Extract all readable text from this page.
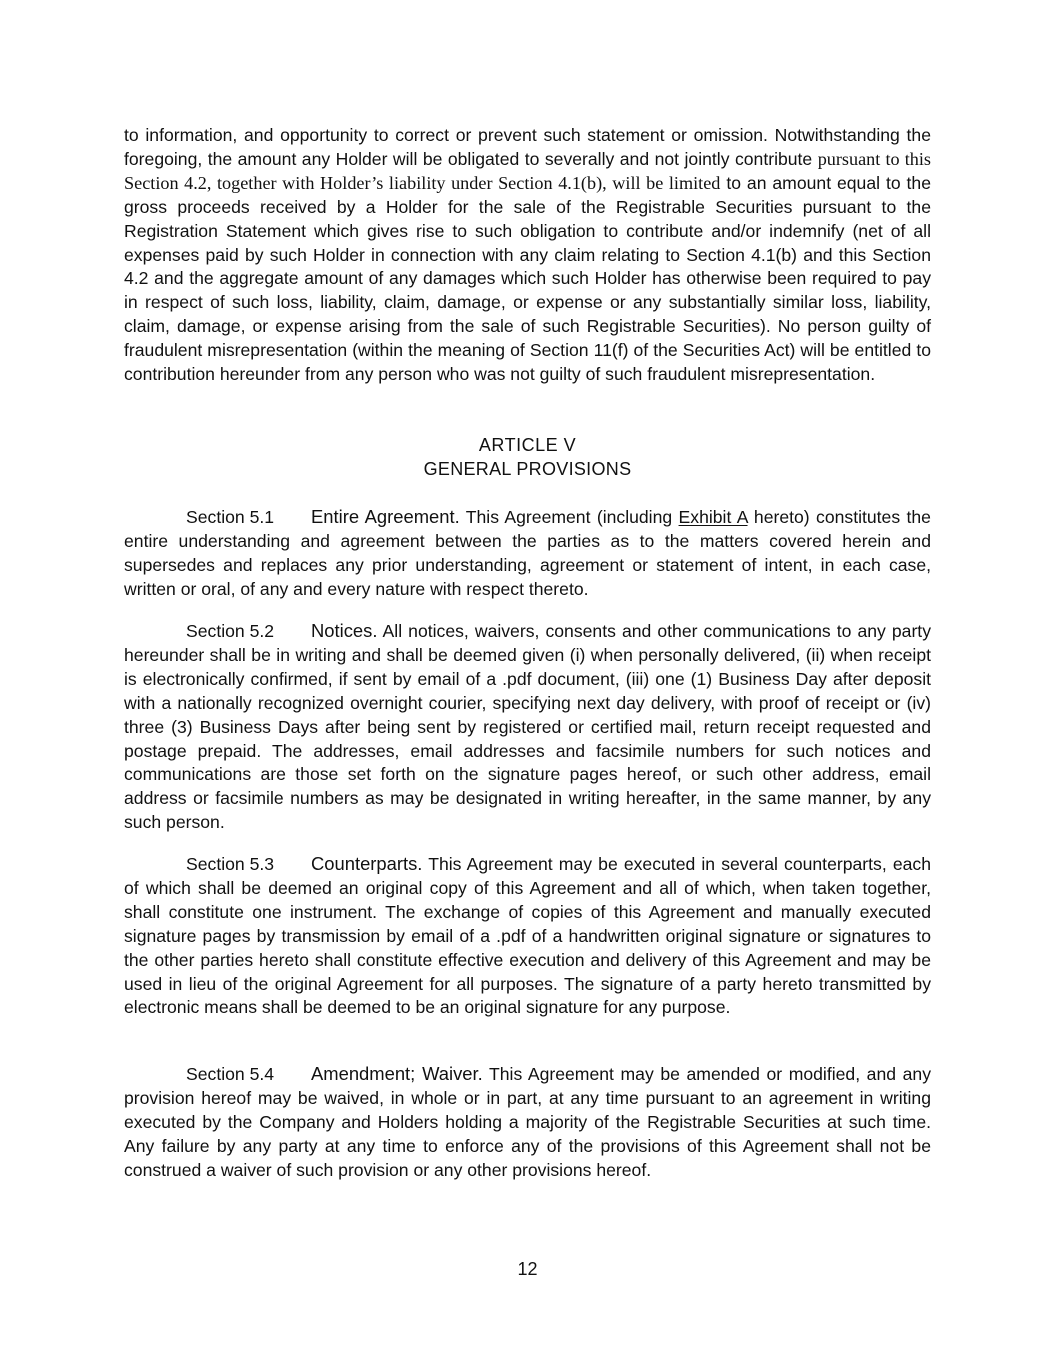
to information, and opportunity to correct or prevent such statement or omission. Notwithstanding the foregoing, the amount any Holder will be obligated to severally and not jointly contribute pursuant to this Section 4.2, together with Holder’s liability under Section 4.1(b), will be limited to an amount equal to the gross proceeds received by a Holder for the sale of the Registrable Securities pursuant to the Registration Statement which gives rise to such obligation to contribute and/or indemnify (net of all expenses paid by such Holder in connection with any claim relating to Section 4.1(b) and this Section 4.2 and the aggregate amount of any damages which such Holder has otherwise been required to pay in respect of such loss, liability, claim, damage, or expense or any substantially similar loss, liability, claim, damage, or expense arising from the sale of such Registrable Securities). No person guilty of fraudulent misrepresentation (within the meaning of Section 11(f) of the Securities Act) will be entitled to contribution hereunder from any person who was not guilty of such fraudulent misrepresentation.

ARTICLE V

GENERAL PROVISIONS

Section 5.1 Entire Agreement. This Agreement (including Exhibit A hereto) constitutes the entire understanding and agreement between the parties as to the matters covered herein and supersedes and replaces any prior understanding, agreement or statement of intent, in each case, written or oral, of any and every nature with respect thereto.

Section 5.2 Notices. All notices, waivers, consents and other communications to any party hereunder shall be in writing and shall be deemed given (i) when personally delivered, (ii) when receipt is electronically confirmed, if sent by email of a .pdf document, (iii) one (1) Business Day after deposit with a nationally recognized overnight courier, specifying next day delivery, with proof of receipt or (iv) three (3) Business Days after being sent by registered or certified mail, return receipt requested and postage prepaid. The addresses, email addresses and facsimile numbers for such notices and communications are those set forth on the signature pages hereof, or such other address, email address or facsimile numbers as may be designated in writing hereafter, in the same manner, by any such person.

Section 5.3 Counterparts. This Agreement may be executed in several counterparts, each of which shall be deemed an original copy of this Agreement and all of which, when taken together, shall constitute one instrument. The exchange of copies of this Agreement and manually executed signature pages by transmission by email of a .pdf of a handwritten original signature or signatures to the other parties hereto shall constitute effective execution and delivery of this Agreement and may be used in lieu of the original Agreement for all purposes. The signature of a party hereto transmitted by electronic means shall be deemed to be an original signature for any purpose.

Section 5.4 Amendment; Waiver. This Agreement may be amended or modified, and any provision hereof may be waived, in whole or in part, at any time pursuant to an agreement in writing executed by the Company and Holders holding a majority of the Registrable Securities at such time. Any failure by any party at any time to enforce any of the provisions of this Agreement shall not be construed a waiver of such provision or any other provisions hereof.

12
